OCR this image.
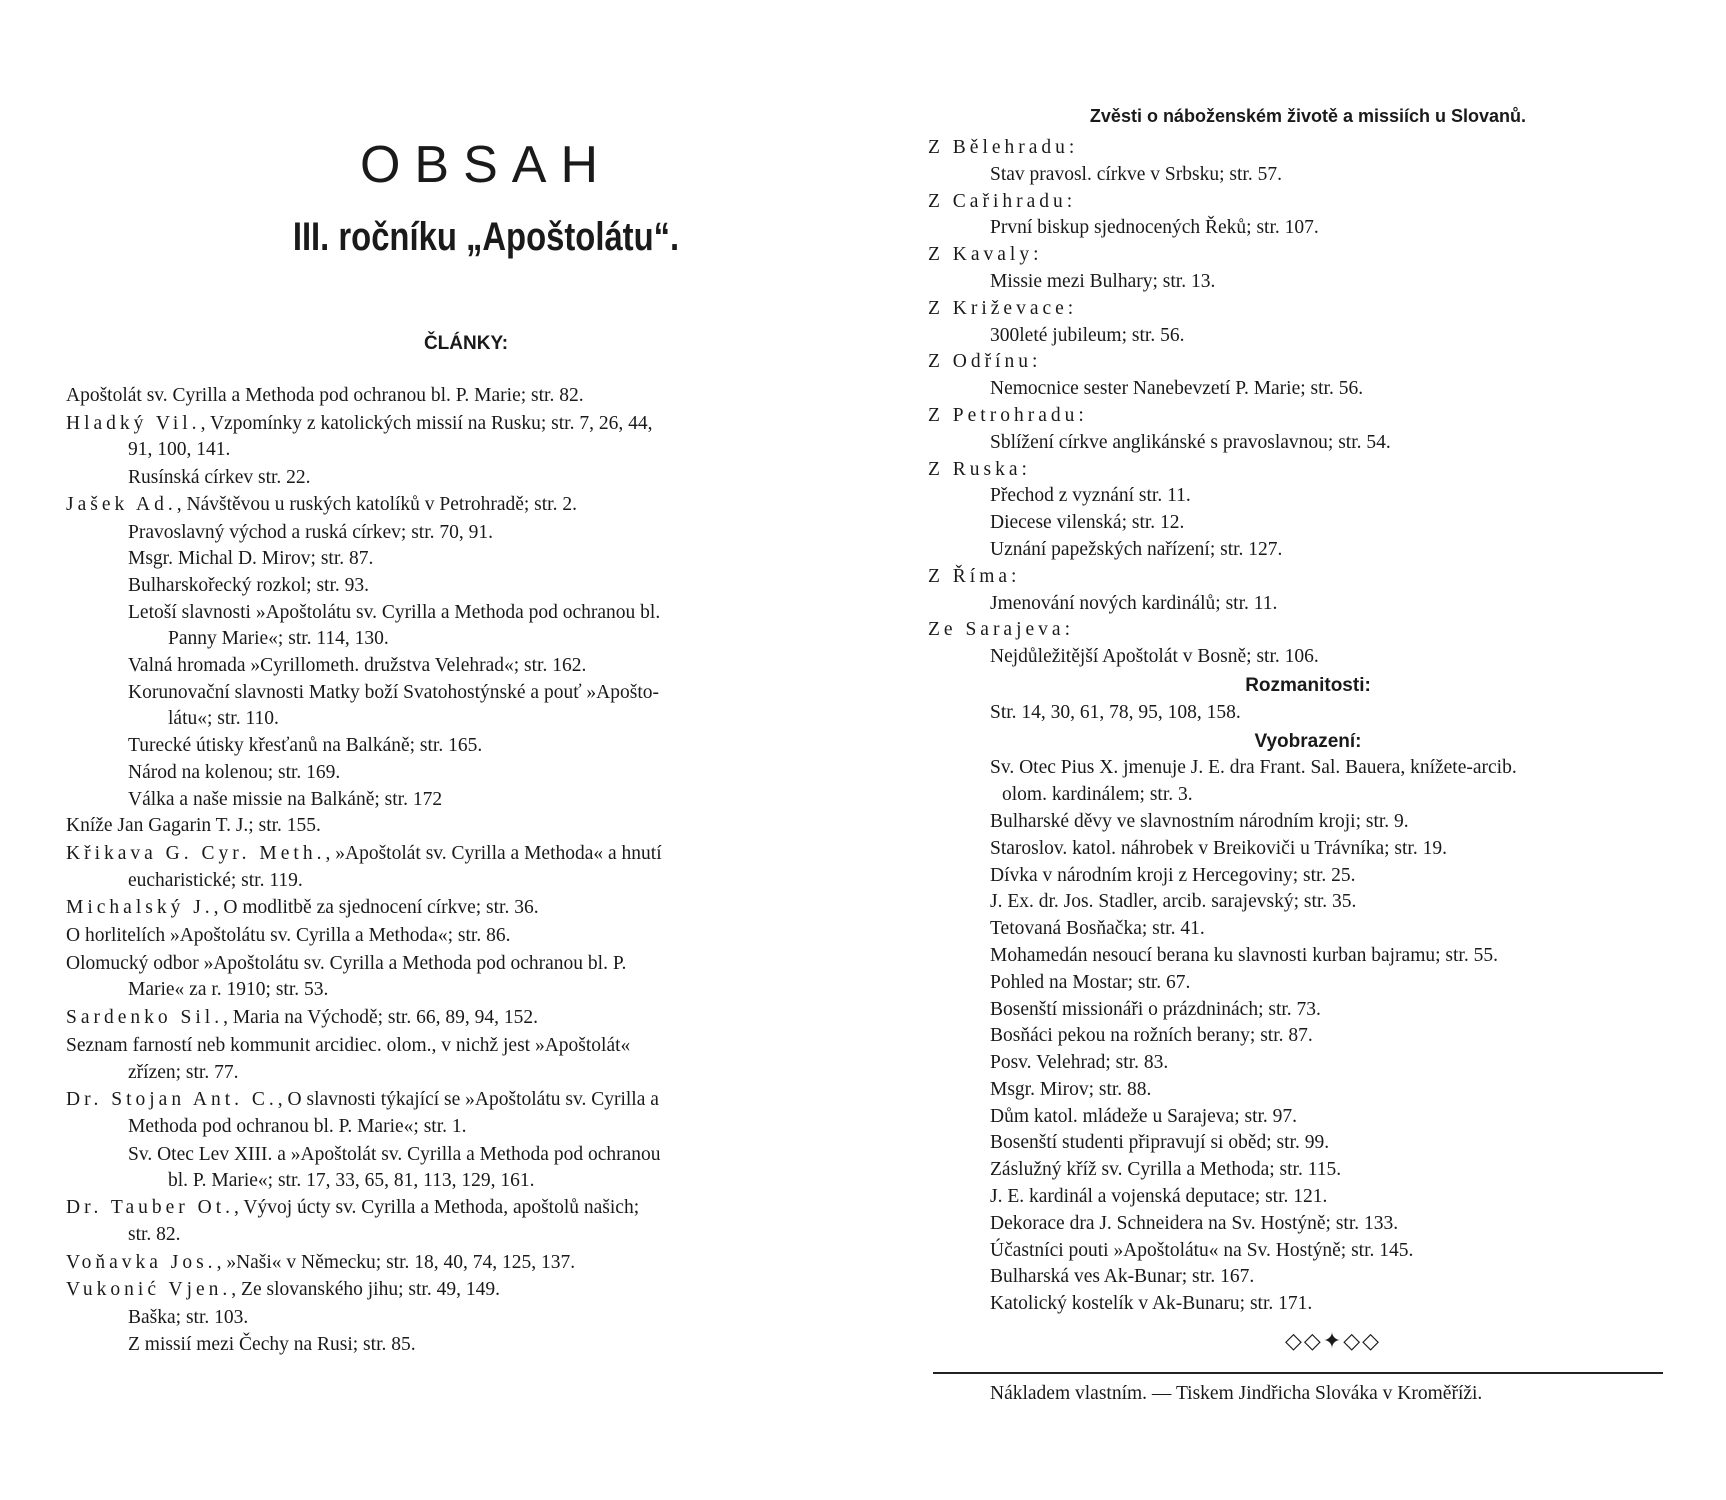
OBSAH
III. ročníku „Apoštolátu“.
ČLÁNKY:
Apoštolát sv. Cyrilla a Methoda pod ochranou bl. P. Marie; str. 82.
Hladký Vil., Vzpomínky z katolických missií na Rusku; str. 7, 26, 44,
91, 100, 141.
Rusínská církev str. 22.
Jašek Ad., Návštěvou u ruských katolíků v Petrohradě; str. 2.
Pravoslavný východ a ruská církev; str. 70, 91.
Msgr. Michal D. Mirov; str. 87.
Bulharskořecký rozkol; str. 93.
Letoší slavnosti »Apoštolátu sv. Cyrilla a Methoda pod ochranou bl.
Panny Marie«; str. 114, 130.
Valná hromada »Cyrillometh. družstva Velehrad«; str. 162.
Korunovační slavnosti Matky boží Svatohostýnské a pouť »Apošto-
látu«; str. 110.
Turecké útisky křesťanů na Balkáně; str. 165.
Národ na kolenou; str. 169.
Válka a naše missie na Balkáně; str. 172
Kníže Jan Gagarin T. J.; str. 155.
Křikava G. Cyr. Meth., »Apoštolát sv. Cyrilla a Methoda« a hnutí
eucharistické; str. 119.
Michalský J., O modlitbě za sjednocení církve; str. 36.
O horlitelích »Apoštolátu sv. Cyrilla a Methoda«; str. 86.
Olomucký odbor »Apoštolátu sv. Cyrilla a Methoda pod ochranou bl. P.
Marie« za r. 1910; str. 53.
Sardenko Sil., Maria na Východě; str. 66, 89, 94, 152.
Seznam farností neb kommunit arcidiec. olom., v nichž jest »Apoštolát«
zřízen; str. 77.
Dr. Stojan Ant. C., O slavnosti týkající se »Apoštolátu sv. Cyrilla a
Methoda pod ochranou bl. P. Marie«; str. 1.
Sv. Otec Lev XIII. a »Apoštolát sv. Cyrilla a Methoda pod ochranou
bl. P. Marie«; str. 17, 33, 65, 81, 113, 129, 161.
Dr. Tauber Ot., Vývoj úcty sv. Cyrilla a Methoda, apoštolů našich;
str. 82.
Voňavka Jos., »Naši« v Německu; str. 18, 40, 74, 125, 137.
Vukonić Vjen., Ze slovanského jihu; str. 49, 149.
Baška; str. 103.
Z missií mezi Čechy na Rusi; str. 85.
Zvěsti o náboženském životě a missiích u Slovanů.
Z Bělehradu:
Stav pravosl. církve v Srbsku; str. 57.
Z Cařihradu:
První biskup sjednocených Řeků; str. 107.
Z Kavaly:
Missie mezi Bulhary; str. 13.
Z Križevace:
300leté jubileum; str. 56.
Z Odřínu:
Nemocnice sester Nanebevzetí P. Marie; str. 56.
Z Petrohradu:
Sblížení církve anglikánské s pravoslavnou; str. 54.
Z Ruska:
Přechod z vyznání str. 11.
Diecese vilenská; str. 12.
Uznání papežských nařízení; str. 127.
Z Říma:
Jmenování nových kardinálů; str. 11.
Ze Sarajeva:
Nejdůležitější Apoštolát v Bosně; str. 106.
Rozmanitosti:
Str. 14, 30, 61, 78, 95, 108, 158.
Vyobrazení:
Sv. Otec Pius X. jmenuje J. E. dra Frant. Sal. Bauera, knížete-arcib.
olom. kardinálem; str. 3.
Bulharské děvy ve slavnostním národním kroji; str. 9.
Staroslov. katol. náhrobek v Breikoviči u Trávníka; str. 19.
Dívka v národním kroji z Hercegoviny; str. 25.
J. Ex. dr. Jos. Stadler, arcib. sarajevský; str. 35.
Tetovaná Bosňačka; str. 41.
Mohamedán nesoucí berana ku slavnosti kurban bajramu; str. 55.
Pohled na Mostar; str. 67.
Bosenští missionáři o prázdninách; str. 73.
Bosňáci pekou na rožních berany; str. 87.
Posv. Velehrad; str. 83.
Msgr. Mirov; str. 88.
Dům katol. mládeže u Sarajeva; str. 97.
Bosenští studenti připravují si oběd; str. 99.
Záslužný kříž sv. Cyrilla a Methoda; str. 115.
J. E. kardinál a vojenská deputace; str. 121.
Dekorace dra J. Schneidera na Sv. Hostýně; str. 133.
Účastníci pouti »Apoštolátu« na Sv. Hostýně; str. 145.
Bulharská ves Ak-Bunar; str. 167.
Katolický kostelík v Ak-Bunaru; str. 171.
◇◇✦◇◇
Nákladem vlastním. — Tiskem Jindřicha Slováka v Kroměříži.
